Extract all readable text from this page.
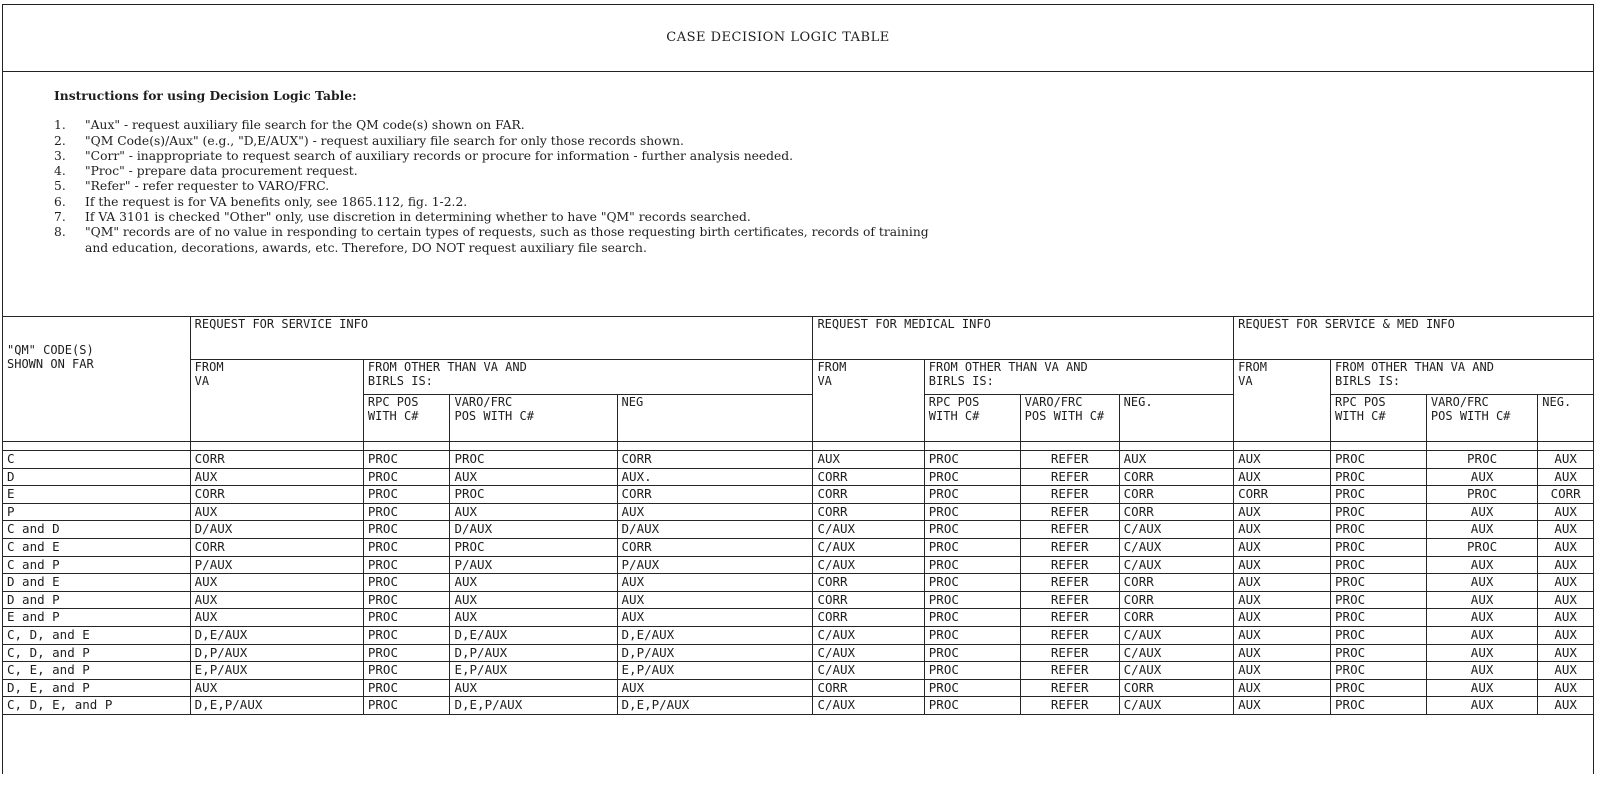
CASE DECISION LOGIC TABLE
Instructions for using Decision Logic Table:
1.	"Aux" - request auxiliary file search for the QM code(s) shown on FAR.
2.	"QM Code(s)/Aux" (e.g., "D,E/AUX") - request auxiliary file search for only those records shown.
3.	"Corr" - inappropriate to request search of auxiliary records or procure for information - further analysis needed.
4.	"Proc" - prepare data procurement request.
5.	"Refer" - refer requester to VARO/FRC.
6.	If the request is for VA benefits only, see 1865.112, fig. 1-2.2.
7.	If VA 3101 is checked "Other" only, use discretion in determining whether to have "QM" records searched.
8.	"QM" records are of no value in responding to certain types of requests, such as those requesting birth certificates, records of training
and education, decorations, awards, etc. Therefore, DO NOT request auxiliary file search.
"QM" CODE(S) SHOWN ON FAR	REQUEST FOR SERVICE INFO				REQUEST FOR MEDICAL INFO				REQUEST FOR SERVICE & MED INFO			

	FROM VA	FROM OTHER THAN VA AND BIRLS IS:			FROM VA	FROM OTHER THAN VA AND BIRLS IS:			FROM VA	FROM OTHER THAN VA AND BIRLS IS:		

		RPC POS WITH C#	VARO/FRC POS WITH C#	NEG		RPC POS WITH C#	VARO/FRC POS WITH C#	NEG.		RPC POS WITH C#	VARO/FRC POS WITH C#	NEG.

C	CORR	PROC	PROC	CORR	AUX	PROC	REFER	AUX	AUX	PROC	PROC	AUX
D	AUX	PROC	AUX	AUX.	CORR	PROC	REFER	CORR	AUX	PROC	AUX	AUX
E	CORR	PROC	PROC	CORR	CORR	PROC	REFER	CORR	CORR	PROC	PROC	CORR
P	AUX	PROC	AUX	AUX	CORR	PROC	REFER	CORR	AUX	PROC	AUX	AUX
C and D	D/AUX	PROC	D/AUX	D/AUX	C/AUX	PROC	REFER	C/AUX	AUX	PROC	AUX	AUX
C and E	CORR	PROC	PROC	CORR	C/AUX	PROC	REFER	C/AUX	AUX	PROC	PROC	AUX
C and P	P/AUX	PROC	P/AUX	P/AUX	C/AUX	PROC	REFER	C/AUX	AUX	PROC	AUX	AUX
D and E	AUX	PROC	AUX	AUX	CORR	PROC	REFER	CORR	AUX	PROC	AUX	AUX
D and P	AUX	PROC	AUX	AUX	CORR	PROC	REFER	CORR	AUX	PROC	AUX	AUX
E and P	AUX	PROC	AUX	AUX	CORR	PROC	REFER	CORR	AUX	PROC	AUX	AUX
C, D, and E	D,E/AUX	PROC	D,E/AUX	D,E/AUX	C/AUX	PROC	REFER	C/AUX	AUX	PROC	AUX	AUX
C, D, and P	D,P/AUX	PROC	D,P/AUX	D,P/AUX	C/AUX	PROC	REFER	C/AUX	AUX	PROC	AUX	AUX
C, E, and P	E,P/AUX	PROC	E,P/AUX	E,P/AUX	C/AUX	PROC	REFER	C/AUX	AUX	PROC	AUX	AUX
D, E, and P	AUX	PROC	AUX	AUX	CORR	PROC	REFER	CORR	AUX	PROC	AUX	AUX
C, D, E, and P	D,E,P/AUX	PROC	D,E,P/AUX	D,E,P/AUX	C/AUX	PROC	REFER	C/AUX	AUX	PROC	AUX	AUX
